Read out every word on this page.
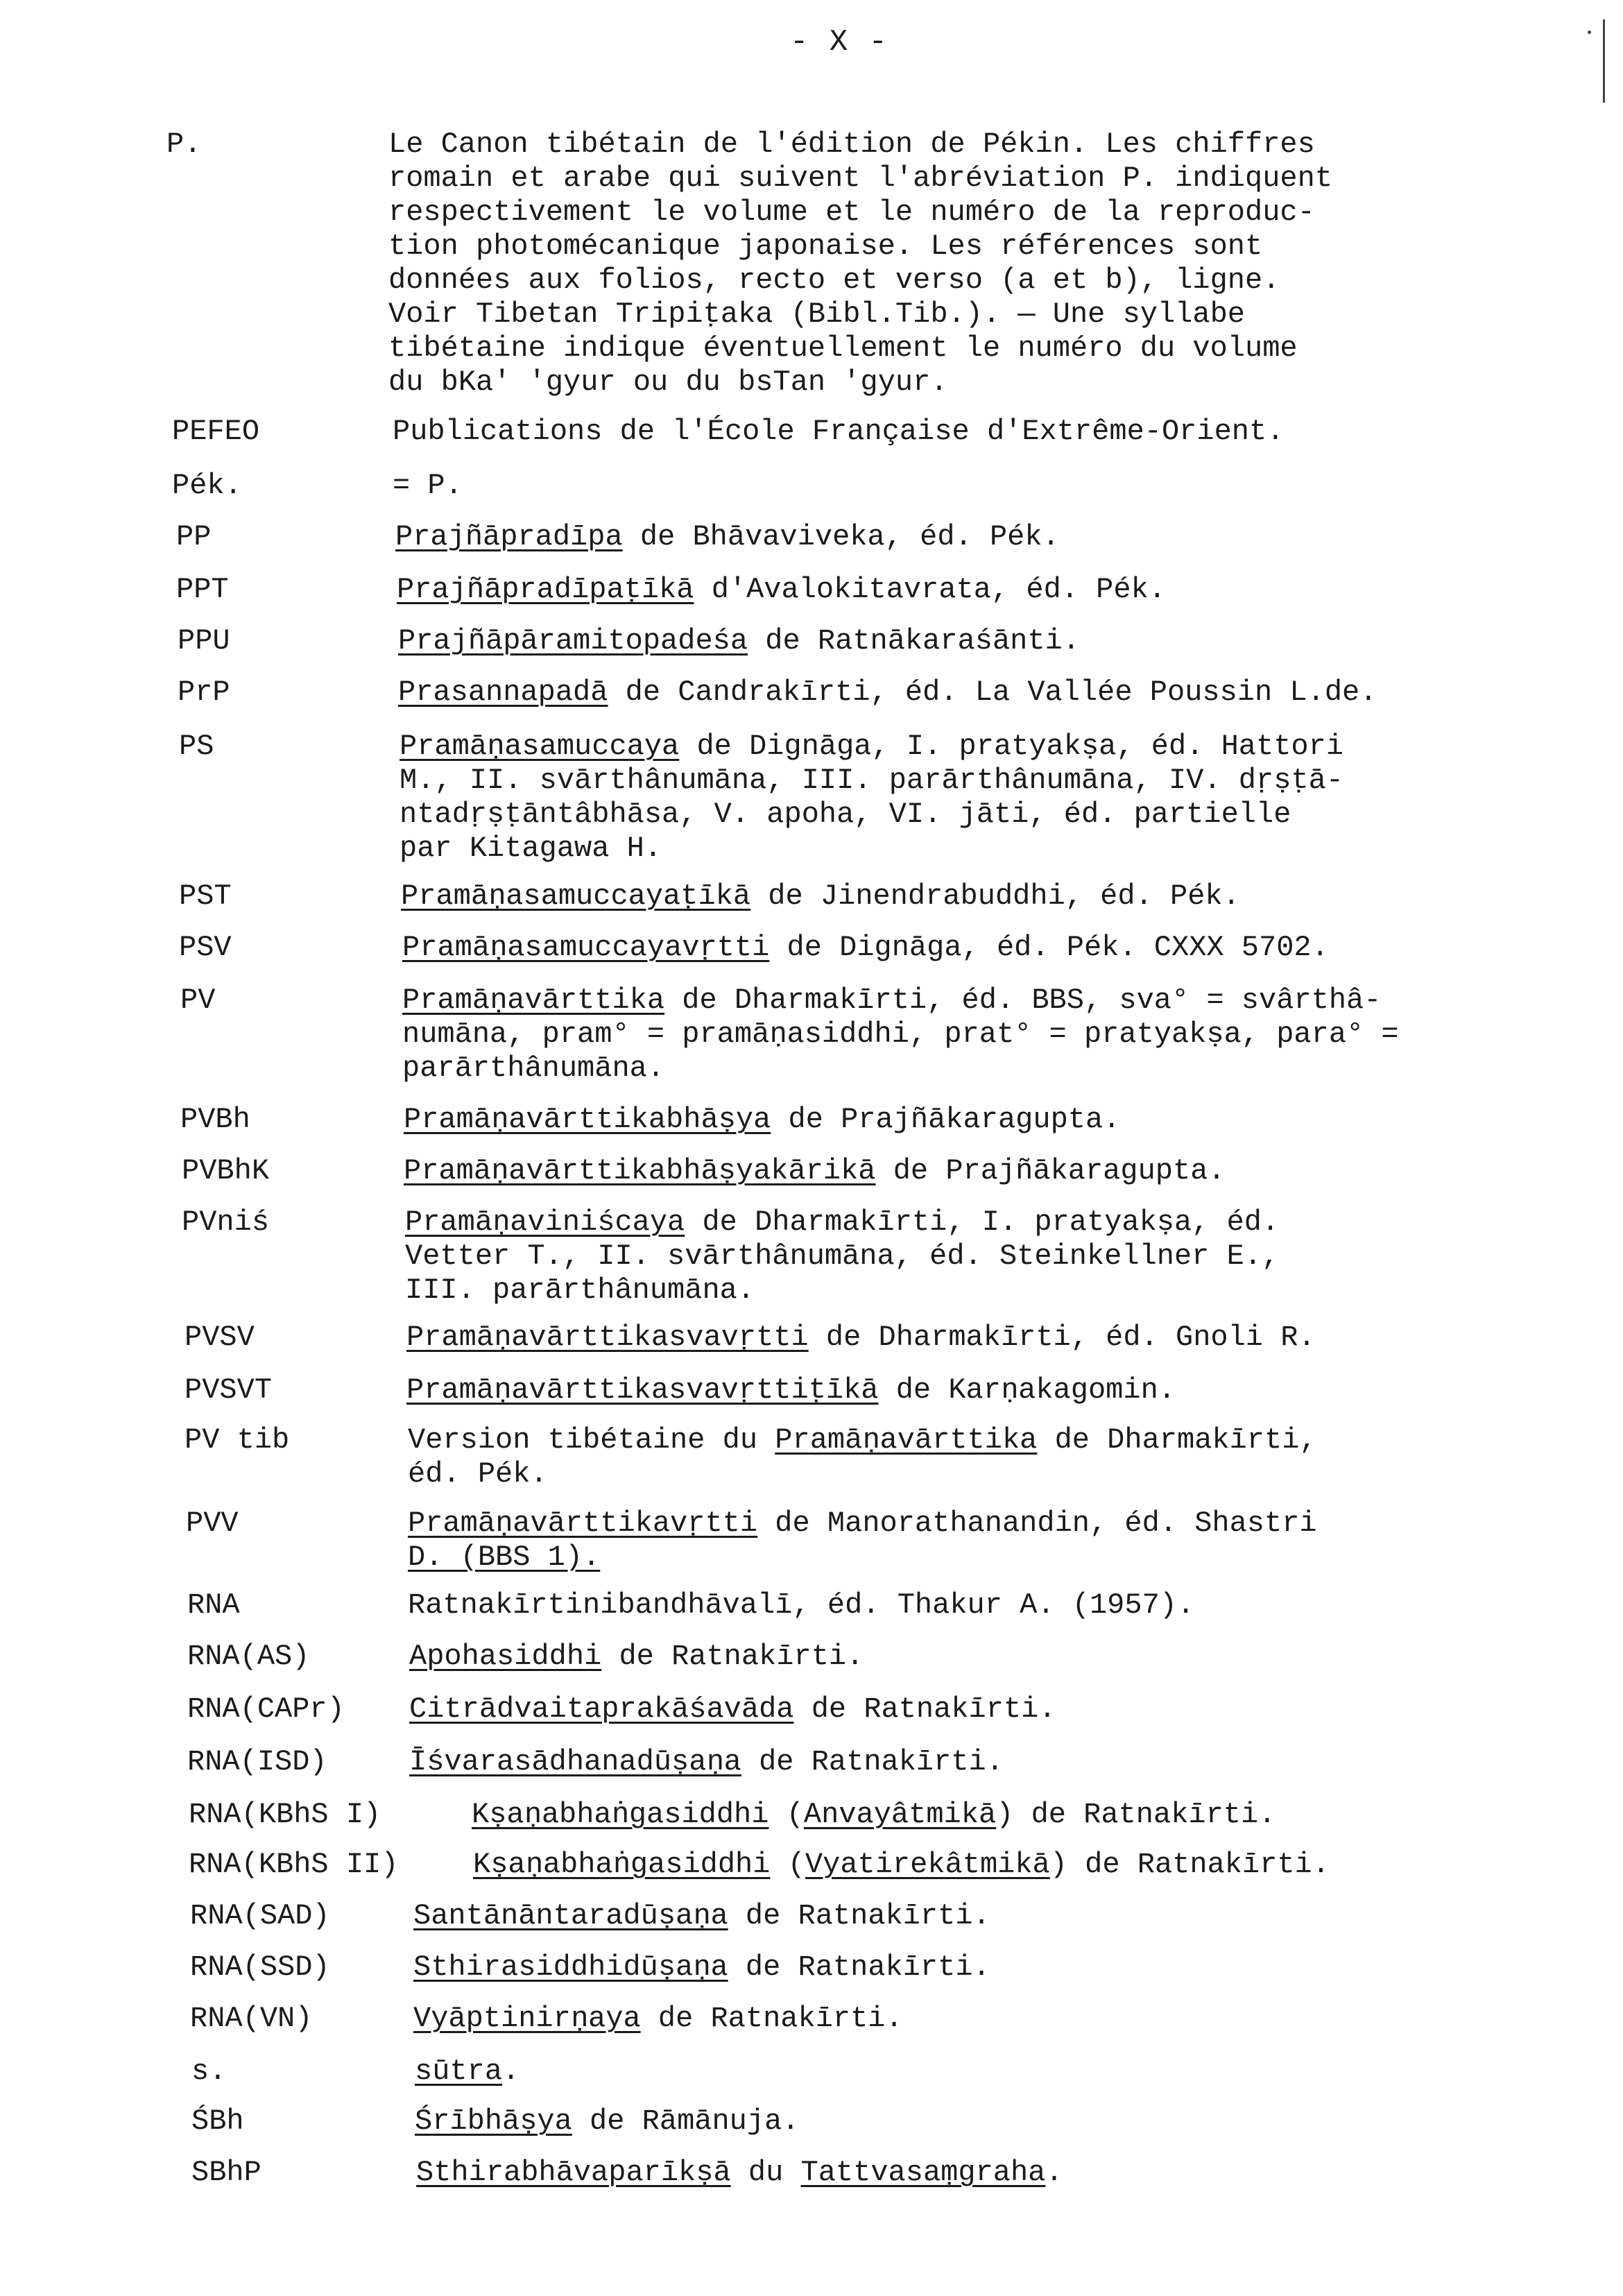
- X -
P.	Le Canon tibétain de l'édition de Pékin. Les chiffres
romain et arabe qui suivent l'abréviation P. indiquent
respectivement le volume et le numéro de la reproduc-
tion photomécanique japonaise. Les références sont
données aux folios, recto et verso (a et b), ligne.
Voir Tibetan Tripiṭaka (Bibl.Tib.). — Une syllabe
tibétaine indique éventuellement le numéro du volume
du bKa' 'gyur ou du bsTan 'gyur.
PEFEO	Publications de l'École Française d'Extrême-Orient.
Pék.	= P.
PP	Prajñāpradīpa de Bhāvaviveka, éd. Pék.
PPT	Prajñāpradīpaṭīkā d'Avalokitavrata, éd. Pék.
PPU	Prajñāpāramitopadeśa de Ratnākaraśānti.
PrP	Prasannapadā de Candrakīrti, éd. La Vallée Poussin L.de.
PS	Pramāṇasamuccaya de Dignāga, I. pratyakṣa, éd. Hattori
M., II. svārthânumāna, III. parārthânumāna, IV. dṛṣṭā-
ntadṛṣṭāntâbhāsa, V. apoha, VI. jāti, éd. partielle
par Kitagawa H.
PST	Pramāṇasamuccayaṭīkā de Jinendrabuddhi, éd. Pék.
PSV	Pramāṇasamuccayavṛtti de Dignāga, éd. Pék. CXXX 5702.
PV	Pramāṇavārttika de Dharmakīrti, éd. BBS, sva° = svârthâ-
numāna, pram° = pramāṇasiddhi, prat° = pratyakṣa, para° =
parārthânumāna.
PVBh	Pramāṇavārttikabhāṣya de Prajñākaragupta.
PVBhK	Pramāṇavārttikabhāṣyakārikā de Prajñākaragupta.
PVniś	Pramāṇaviniścaya de Dharmakīrti, I. pratyakṣa, éd.
Vetter T., II. svārthânumāna, éd. Steinkellner E.,
III. parārthânumāna.
PVSV	Pramāṇavārttikasvavṛtti de Dharmakīrti, éd. Gnoli R.
PVSVT	Pramāṇavārttikasvavṛttiṭīkā de Karṇakagomin.
PV tib	Version tibétaine du Pramāṇavārttika de Dharmakīrti,
éd. Pék.
PVV	Pramāṇavārttikavṛtti de Manorathanandin, éd. Shastri
D. (BBS 1).
RNA	Ratnakīrtinibandhāvalī, éd. Thakur A. (1957).
RNA(AS)	Apohasiddhi de Ratnakīrti.
RNA(CAPr) Citrādvaitaprakāśavāda de Ratnakīrti.
RNA(ISD)	Īśvarasādhanadūṣaṇa de Ratnakīrti.
RNA(KBhS I)	Kṣaṇabhaṅgasiddhi (Anvayâtmikā) de Ratnakīrti.
RNA(KBhS II)	Kṣaṇabhaṅgasiddhi (Vyatirekâtmikā) de Ratnakīrti.
RNA(SAD)	Santānāntaradūṣaṇa de Ratnakīrti.
RNA(SSD)	Sthirasiddhidūṣaṇa de Ratnakīrti.
RNA(VN)	Vyāptinirṇaya de Ratnakīrti.
s.	sūtra.
ŚBh	Śrībhāṣya de Rāmānuja.
SBhP	Sthirabhāvaparīkṣā du Tattvasaṃgraha.
